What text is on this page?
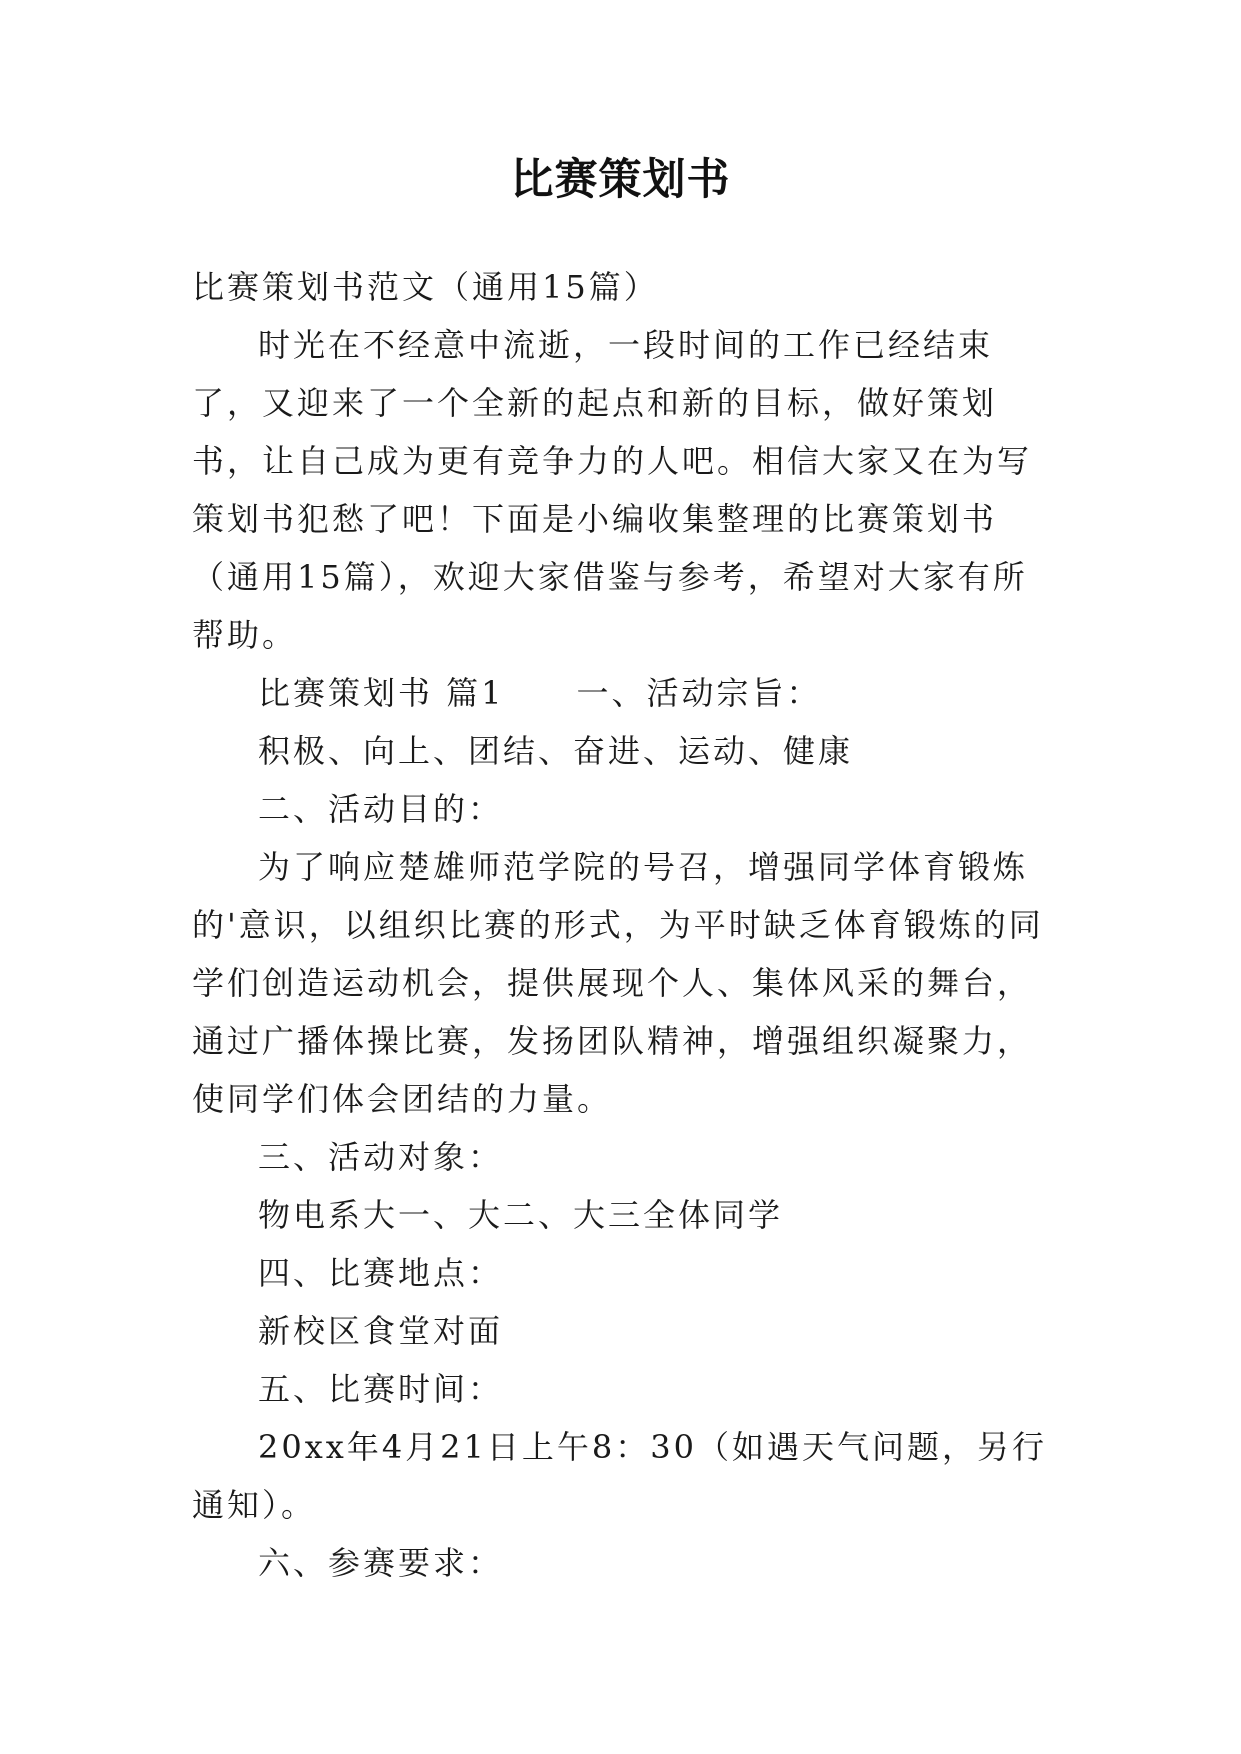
比赛策划书

比赛策划书范文（通用15篇）

时光在不经意中流逝，一段时间的工作已经结束了，又迎来了一个全新的起点和新的目标，做好策划书，让自己成为更有竞争力的人吧。相信大家又在为写策划书犯愁了吧！下面是小编收集整理的比赛策划书（通用15篇），欢迎大家借鉴与参考，希望对大家有所帮助。

比赛策划书 篇1 一、活动宗旨：

积极、向上、团结、奋进、运动、健康

二、活动目的：

为了响应楚雄师范学院的号召，增强同学体育锻炼的'意识，以组织比赛的形式，为平时缺乏体育锻炼的同学们创造运动机会，提供展现个人、集体风采的舞台，通过广播体操比赛，发扬团队精神，增强组织凝聚力，使同学们体会团结的力量。

三、活动对象：

物电系大一、大二、大三全体同学

四、比赛地点：

新校区食堂对面

五、比赛时间：

20xx年4月21日上午8：30（如遇天气问题，另行通知）。

六、参赛要求：
